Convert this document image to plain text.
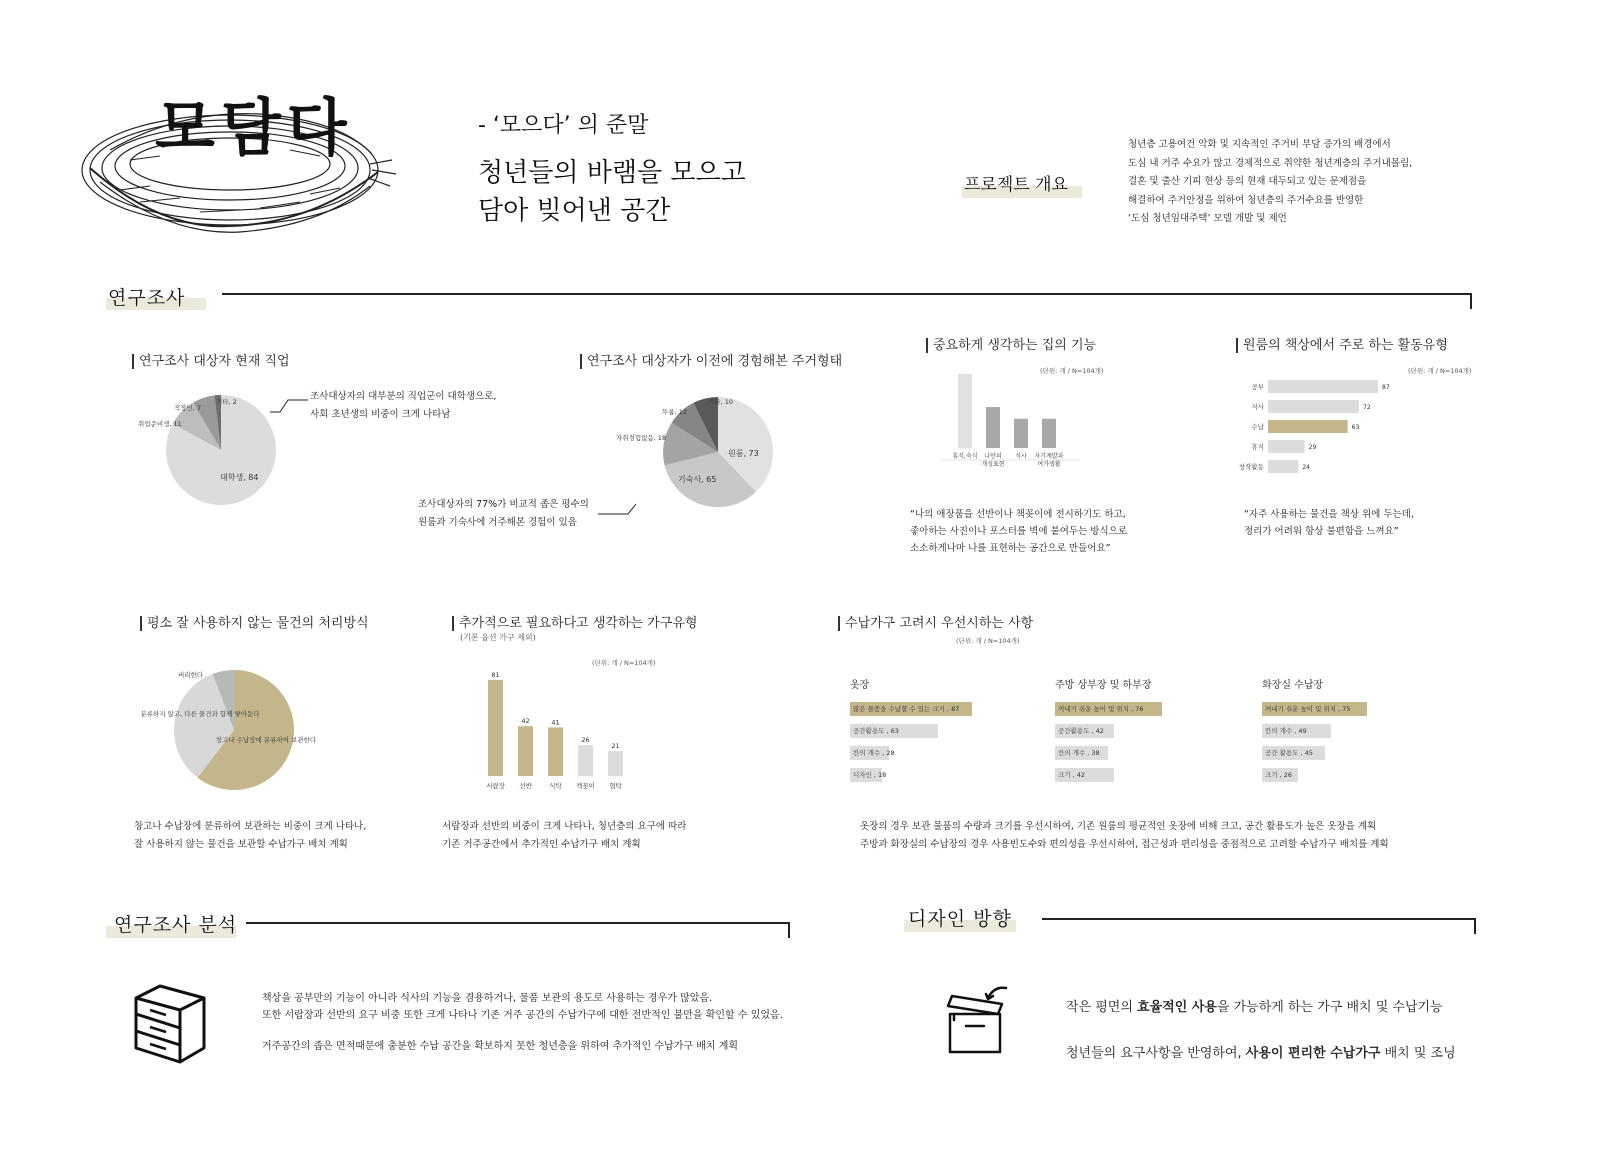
모담다	- ‘모으다’ 의 준말
청년들의 바램을 모으고
담아 빚어낸 공간
프로젝트 개요
청년층 고용여건 악화 및 지속적인 주거비 부담 증가의 배경에서
도심 내 거주 수요가 많고 경제적으로 취약한 청년계층의 주거내몰림,
결혼 및 출산 기피 현상 등의 현재 대두되고 있는 문제점을
해결하여 주거안정을 위하여 청년층의 주거수요를 반영한
‘도심 청년임대주택’ 모델 개발 및 제언
연구조사
연구조사 대상자 현재 직업
대학생, 84
취업준비생, 11
직장인, 7
기타, 2	조사대상자의 대부분의 직업군이 대학생으로,
사회 초년생의 비중이 크게 나타남
연구조사 대상자가 이전에 경험해본 주거형태
원룸, 73
기숙사, 65
자취경험없음, 18
투룸, 12
기타, 10
조사대상자의 77%가 비교적 좁은 평수의
원룸과 기숙사에 거주해본 경험이 있음
중요하게 생각하는 집의 기능
(단위: 개 / N=104개)
휴식,숙식 나만의
개성표현
식사 자기계발과
여가생활
“나의 애장품을 선반이나 책꽂이에 전시하기도 하고,
좋아하는 사진이나 포스터를 벽에 붙여두는 방식으로
소소하게나마 나를 표현하는 공간으로 만들어요”
원룸의 책상에서 주로 하는 활동유형
(단위: 개 / N=104개)
공부	87
식사	72
수납	63
휴식	29
창작활동	24
“자주 사용하는 물건을 책상 위에 두는데,
정리가 어려워 항상 불편함을 느껴요”
평소 잘 사용하지 않는 물건의 처리방식
창고나 수납장에 분류하여 보관한다
분류하지 않고, 다른 물건과 함께 쌓아둔다
버리한다
창고나 수납장에 분류하여 보관하는 비중이 크게 나타나,
잘 사용하지 않는 물건을 보관할 수납가구 배치 계획
추가적으로 필요하다고 생각하는 가구유형
(기본 옵션 가구 제외)
(단위: 개 / N=104개)
81
서랍장
42
선반
41
식탁
26
책꽂이
21
협탁
서랍장과 선반의 비중이 크게 나타나, 청년층의 요구에 따라
기존 거주공간에서 추가적인 수납가구 배치 계획
수납가구 고려시 우선시하는 사항
(단위: 개 / N=104개)
옷장	주방 상부장 및 하부장	화장실 수납장
많은 물품을 수납할 수 있는 크기 , 87
공간활용도 , 63
칸의 개수 , 28
디자인 , 18
꺼내기 쉬운 높이 및 위치 , 76
공간활용도 , 42
칸의 개수 , 38
크기 , 42
꺼내기 쉬운 높이 및 위치 , 75
칸의 개수 , 49
공간 활용도 , 45
크기 , 26
옷장의 경우 보관 물품의 수량과 크기를 우선시하여, 기존 원룸의 평균적인 옷장에 비해 크고, 공간 활용도가 높은 옷장을 계획
주방과 화장실의 수납장의 경우 사용빈도수와 편의성을 우선시하여, 접근성과 편리성을 중점적으로 고려할 수납가구 배치를 계획
연구조사 분석
책상을 공부만의 기능이 아니라 식사의 기능을 겸용하거나, 물품 보관의 용도로 사용하는 경우가 많았음.
또한 서랍장과 선반의 요구 비중 또한 크게 나타나 기존 거주 공간의 수납가구에 대한 전반적인 불만을 확인할 수 있었음.
거주공간의 좁은 면적때문에 충분한 수납 공간을 확보하지 못한 청년층을 위하여 추가적인 수납가구 배치 계획
디자인 방향
작은 평면의 효율적인 사용을 가능하게 하는 가구 배치 및 수납기능
청년들의 요구사항을 반영하여, 사용이 편리한 수납가구 배치 및 조닝
